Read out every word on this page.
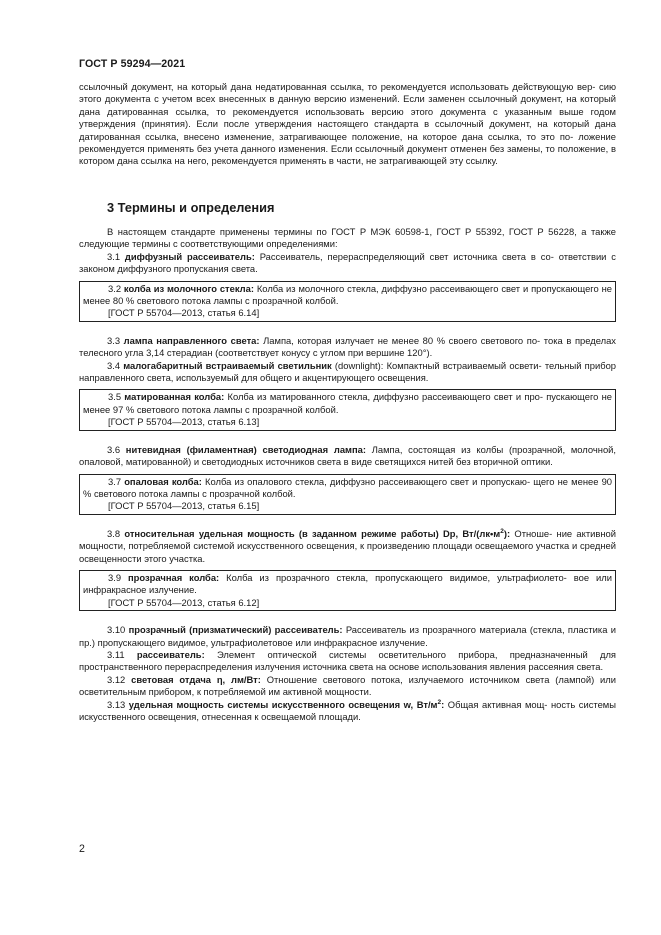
ГОСТ Р 59294—2021

ссылочный документ, на который дана недатированная ссылка, то рекомендуется использовать действующую вер- сию этого документа с учетом всех внесенных в данную версию изменений. Если заменен ссылочный документ, на который дана датированная ссылка, то рекомендуется использовать версию этого документа с указанным выше годом утверждения (принятия). Если после утверждения настоящего стандарта в ссылочный документ, на который дана датированная ссылка, внесено изменение, затрагивающее положение, на которое дана ссылка, то это по- ложение рекомендуется применять без учета данного изменения. Если ссылочный документ отменен без замены, то положение, в котором дана ссылка на него, рекомендуется применять в части, не затрагивающей эту ссылку.

3 Термины и определения

В настоящем стандарте применены термины по ГОСТ Р МЭК 60598-1, ГОСТ Р 55392, ГОСТ Р 56228, а также следующие термины с соответствующими определениями:

3.1 диффузный рассеиватель: Рассеиватель, перераспределяющий свет источника света в со- ответствии с законом диффузного пропускания света.

3.2 колба из молочного стекла: Колба из молочного стекла, диффузно рассеивающего свет и пропускающего не менее 80 % светового потока лампы с прозрачной колбой.

[ГОСТ Р 55704—2013, статья 6.14]

3.3 лампа направленного света: Лампа, которая излучает не менее 80 % своего светового по- тока в пределах телесного угла 3,14 стерадиан (соответствует конусу с углом при вершине 120°).

3.4 малогабаритный встраиваемый светильник (downlight): Компактный встраиваемый освети- тельный прибор направленного света, используемый для общего и акцентирующего освещения.

3.5 матированная колба: Колба из матированного стекла, диффузно рассеивающего свет и про- пускающего не менее 97 % светового потока лампы с прозрачной колбой.

[ГОСТ Р 55704—2013, статья 6.13]

3.6 нитевидная (филаментная) светодиодная лампа: Лампа, состоящая из колбы (прозрачной, молочной, опаловой, матированной) и светодиодных источников света в виде светящихся нитей без вторичной оптики.

3.7 опаловая колба: Колба из опалового стекла, диффузно рассеивающего свет и пропускаю- щего не менее 90 % светового потока лампы с прозрачной колбой.

[ГОСТ Р 55704—2013, статья 6.15]

3.8 относительная удельная мощность (в заданном режиме работы) Dp, $Вт/(лк•м^2)$: Отноше- ние активной мощности, потребляемой системой искусственного освещения, к произведению площади освещаемого участка и средней освещенности этого участка.

3.9 прозрачная колба: Колба из прозрачного стекла, пропускающего видимое, ультрафиолето- вое или инфракрасное излучение.

[ГОСТ Р 55704—2013, статья 6.12]

3.10 прозрачный (призматический) рассеиватель: Рассеиватель из прозрачного материала (стекла, пластика и пр.) пропускающего видимое, ультрафиолетовое или инфракрасное излучение.

3.11 рассеиватель: Элемент оптической системы осветительного прибора, предназначенный для пространственного перераспределения излучения источника света на основе использования явления рассеяния света.

3.12 световая отдача η, лм/Вт: Отношение светового потока, излучаемого источником света (лампой) или осветительным прибором, к потребляемой им активной мощности.

3.13 удельная мощность системы искусственного освещения w, $Вт/м^2$: Общая активная мощ- ность системы искусственного освещения, отнесенная к освещаемой площади.

2
